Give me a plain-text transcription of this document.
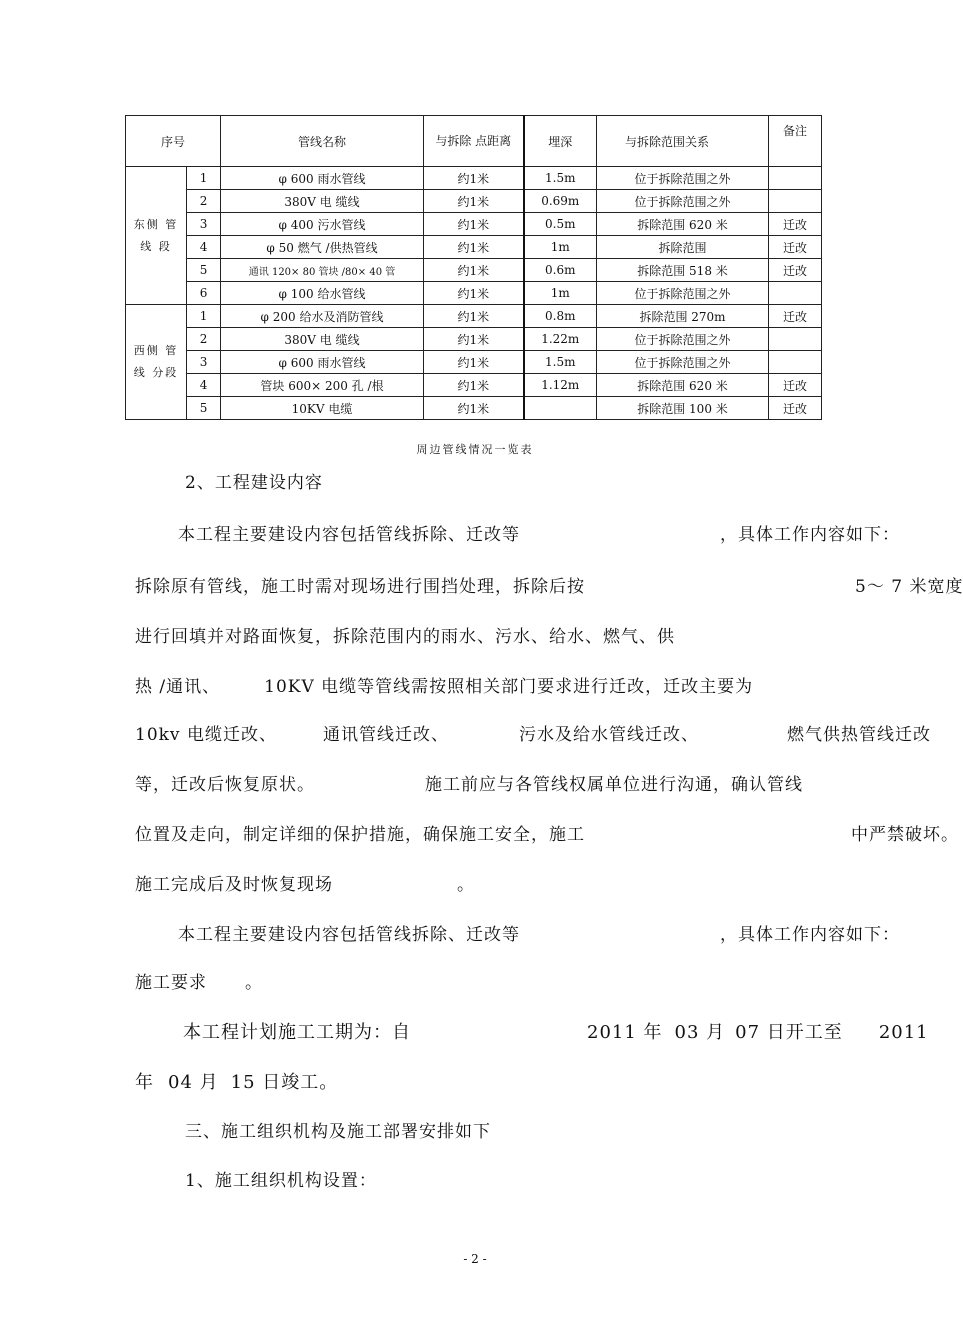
序号		管线名称	与拆除 点距离	埋深	与拆除范围关系	备注
东侧 管线 段	1	φ 600 雨水管线	约1米	1.5m	位于拆除范围之外	
	2	380V 电 缆线	约1米	0.69m	位于拆除范围之外	
	3	φ 400 污水管线	约1米	0.5m	拆除范围 620 米	迁改
	4	φ 50 燃气 /供热管线	约1米	1m	拆除范围	迁改
	5	通讯 120× 80 管块 /80× 40 管	约1米	0.6m	拆除范围 518 米	迁改
	6	φ 100 给水管线	约1米	1m	位于拆除范围之外	
西侧 管线 分段	1	φ 200 给水及消防管线	约1米	0.8m	拆除范围 270m	迁改
	2	380V 电 缆线	约1米	1.22m	位于拆除范围之外	
	3	φ 600 雨水管线	约1米	1.5m	位于拆除范围之外	
	4	管块 600× 200 孔 /根	约1米	1.12m	拆除范围 620 米	迁改
	5	10KV 电缆	约1米		拆除范围 100 米	迁改
周边管线情况一览表
2、工程建设内容
本工程主要建设内容包括管线拆除、迁改等	，具体工作内容如下：
拆除原有管线，施工时需对现场进行围挡处理，拆除后按	5～ 7 米宽度
进行回填并对路面恢复，拆除范围内的雨水、污水、给水、燃气、供
热 /通讯、	10KV 电缆等管线需按照相关部门要求进行迁改，迁改主要为
10kv 电缆迁改、	通讯管线迁改、	污水及给水管线迁改、	燃气供热管线迁改
等，迁改后恢复原状。	施工前应与各管线权属单位进行沟通，确认管线
位置及走向，制定详细的保护措施，确保施工安全，施工	中严禁破坏。
施工完成后及时恢复现场	。
本工程主要建设内容包括管线拆除、迁改等	，具体工作内容如下：
施工要求 。
本工程计划施工工期为：自	2011 年 03 月 07 日开工至 2011
年 04 月 15 日竣工。
三、施工组织机构及施工部署安排如下
1、施工组织机构设置：
- 2 -
